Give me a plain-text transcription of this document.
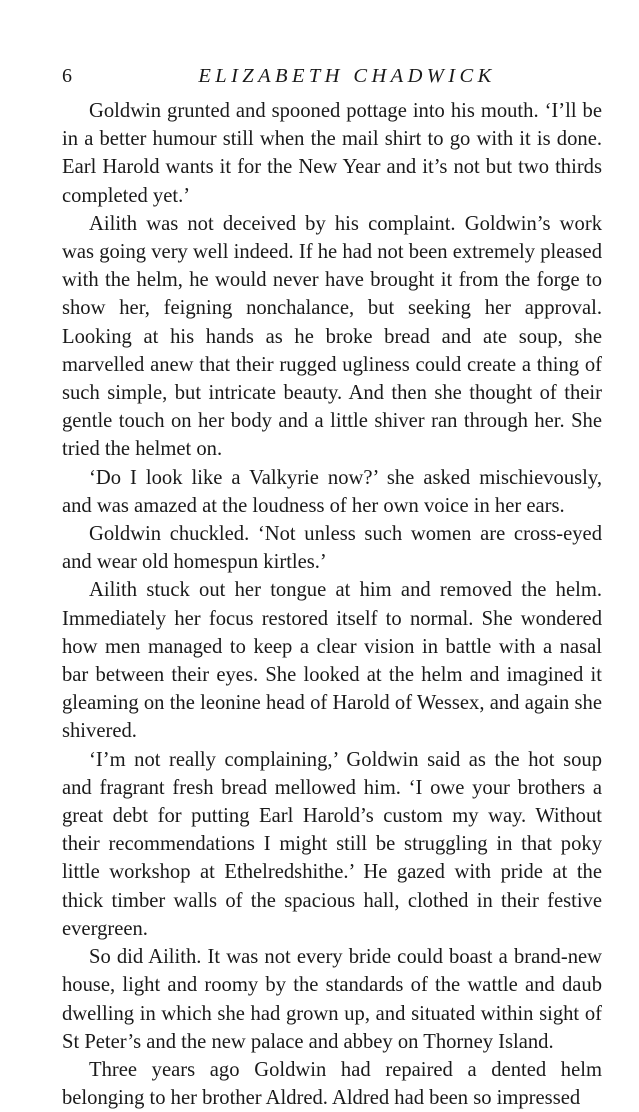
6	ELIZABETH CHADWICK

Goldwin grunted and spooned pottage into his mouth. ‘I’ll be in a better humour still when the mail shirt to go with it is done. Earl Harold wants it for the New Year and it’s not but two thirds completed yet.’

Ailith was not deceived by his complaint. Goldwin’s work was going very well indeed. If he had not been extremely pleased with the helm, he would never have brought it from the forge to show her, feigning nonchalance, but seeking her approval. Looking at his hands as he broke bread and ate soup, she marvelled anew that their rugged ugliness could create a thing of such simple, but intricate beauty. And then she thought of their gentle touch on her body and a little shiver ran through her. She tried the helmet on.

‘Do I look like a Valkyrie now?’ she asked mischievously, and was amazed at the loudness of her own voice in her ears.

Goldwin chuckled. ‘Not unless such women are cross-eyed and wear old homespun kirtles.’

Ailith stuck out her tongue at him and removed the helm. Immediately her focus restored itself to normal. She wondered how men managed to keep a clear vision in battle with a nasal bar between their eyes. She looked at the helm and imagined it gleaming on the leonine head of Harold of Wessex, and again she shivered.

‘I’m not really complaining,’ Goldwin said as the hot soup and fragrant fresh bread mellowed him. ‘I owe your brothers a great debt for putting Earl Harold’s custom my way. Without their recommendations I might still be struggling in that poky little workshop at Ethelredshithe.’ He gazed with pride at the thick timber walls of the spacious hall, clothed in their festive evergreen.

So did Ailith. It was not every bride could boast a brand-new house, light and roomy by the standards of the wattle and daub dwelling in which she had grown up, and situated within sight of St Peter’s and the new palace and abbey on Thorney Island.

Three years ago Goldwin had repaired a dented helm belonging to her brother Aldred. Aldred had been so impressed
